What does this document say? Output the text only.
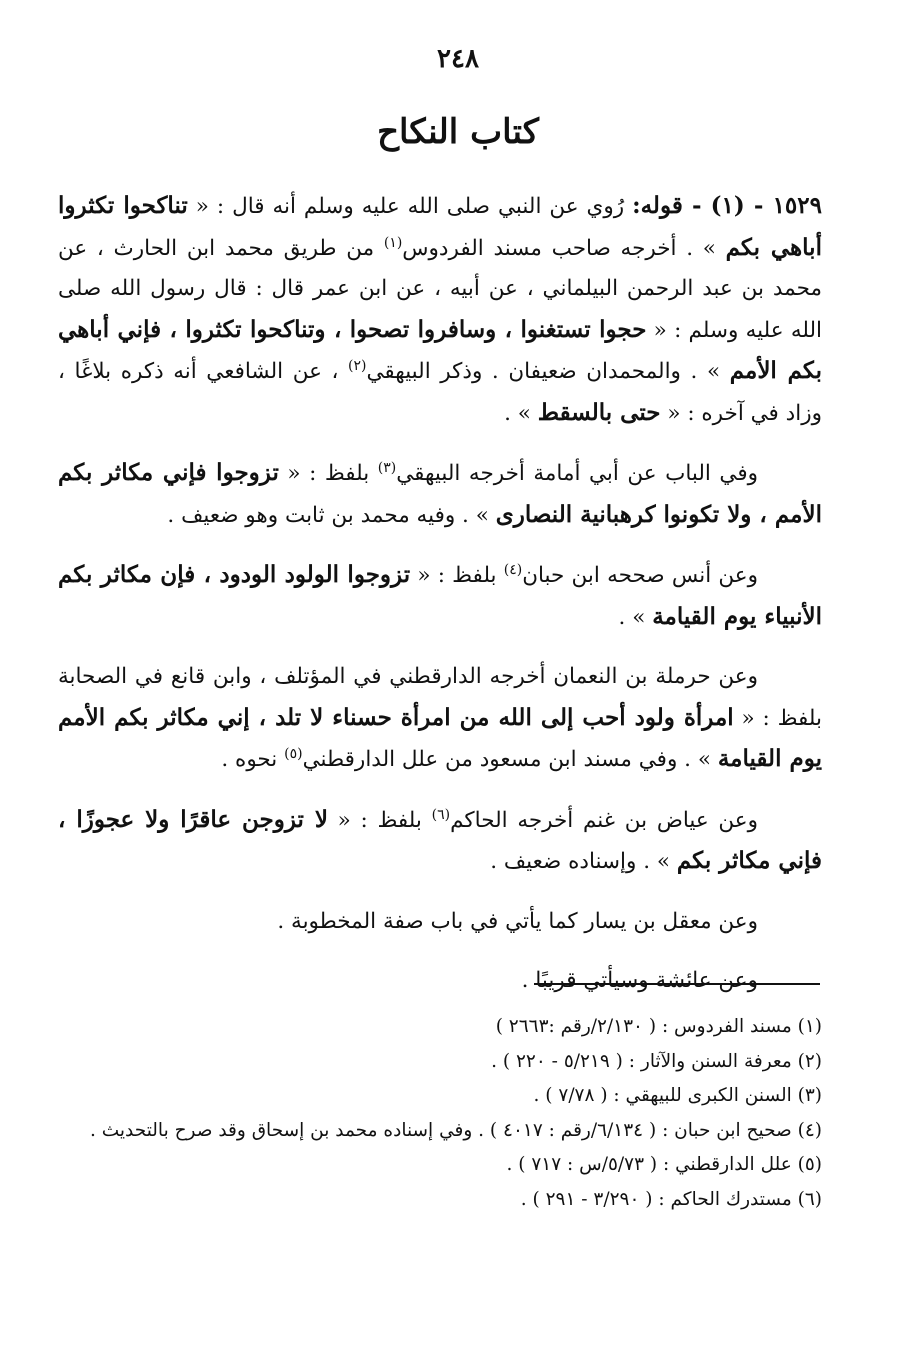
٢٤٨
كتاب النكاح

١٥٢٩ - (١) - قوله: رُوي عن النبي صلى الله عليه وسلم أنه قال : « تناكحوا تكثروا أباهي بكم » . أخرجه صاحب مسند الفردوس$^{(١)}$ من طريق محمد ابن الحارث ، عن محمد بن عبد الرحمن البيلماني ، عن أبيه ، عن ابن عمر قال : قال رسول الله صلى الله عليه وسلم : « حجوا تستغنوا ، وسافروا تصحوا ، وتناكحوا تكثروا ، فإني أباهي بكم الأمم » . والمحمدان ضعيفان . وذكر البيهقي$^{(٢)}$ ، عن الشافعي أنه ذكره بلاغًا ، وزاد في آخره : « حتى بالسقط » .

وفي الباب عن أبي أمامة أخرجه البيهقي$^{(٣)}$ بلفظ : « تزوجوا فإني مكاثر بكم الأمم ، ولا تكونوا كرهبانية النصارى » . وفيه محمد بن ثابت وهو ضعيف .

وعن أنس صححه ابن حبان$^{(٤)}$ بلفظ : « تزوجوا الولود الودود ، فإن مكاثر بكم الأنبياء يوم القيامة » .

وعن حرملة بن النعمان أخرجه الدارقطني في المؤتلف ، وابن قانع في الصحابة بلفظ : « امرأة ولود أحب إلى الله من امرأة حسناء لا تلد ، إني مكاثر بكم الأمم يوم القيامة » . وفي مسند ابن مسعود من علل الدارقطني$^{(٥)}$ نحوه .

وعن عياض بن غنم أخرجه الحاكم$^{(٦)}$ بلفظ : « لا تزوجن عاقرًا ولا عجوزًا ، فإني مكاثر بكم » . وإسناده ضعيف .

وعن معقل بن يسار كما يأتي في باب صفة المخطوبة .

وعن عائشة وسيأتي قريبًا .

(١) مسند الفردوس : ( ٢/١٣٠/رقم :٢٦٦٣ )

(٢) معرفة السنن والآثار : ( ٥/٢١٩ - ٢٢٠ ) .

(٣) السنن الكبرى للبيهقي : ( ٧/٧٨ ) .

(٤) صحيح ابن حبان : ( ٦/١٣٤/رقم : ٤٠١٧ ) . وفي إسناده محمد بن إسحاق وقد صرح بالتحديث .

(٥) علل الدارقطني : ( ٥/٧٣/س : ٧١٧ ) .

(٦) مستدرك الحاكم : ( ٣/٢٩٠ - ٢٩١ ) .
